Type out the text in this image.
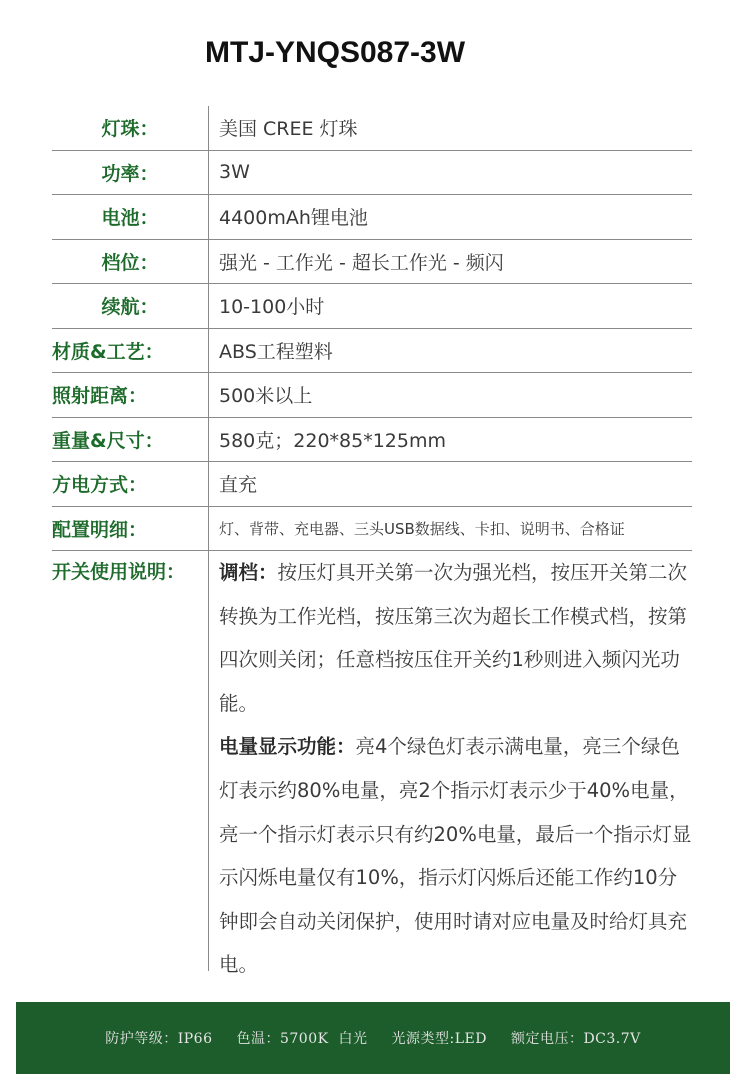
MTJ-YNQS087-3W
灯珠：	美国 CREE 灯珠
功率：	3W
电池：	4400mAh锂电池
档位：	强光 - 工作光 - 超长工作光 - 频闪
续航：	10-100小时
材质&工艺：	ABS工程塑料
照射距离：	500米以上
重量&尺寸：	580克；220*85*125mm
方电方式：	直充
配置明细：	灯、背带、充电器、三头USB数据线、卡扣、说明书、合格证
开关使用说明：	调档：按压灯具开关第一次为强光档，按压开关第二次转换为工作光档，按压第三次为超长工作模式档，按第四次则关闭；任意档按压住开关约1秒则进入频闪光功能。

电量显示功能：亮4个绿色灯表示满电量，亮三个绿色灯表示约80%电量，亮2个指示灯表示少于40%电量，亮一个指示灯表示只有约20%电量，最后一个指示灯显示闪烁电量仅有10%，指示灯闪烁后还能工作约10分钟即会自动关闭保护，使用时请对应电量及时给灯具充电。

防护等级：IP66 色温：5700K  白光 光源类型:LED 额定电压：DC3.7V
